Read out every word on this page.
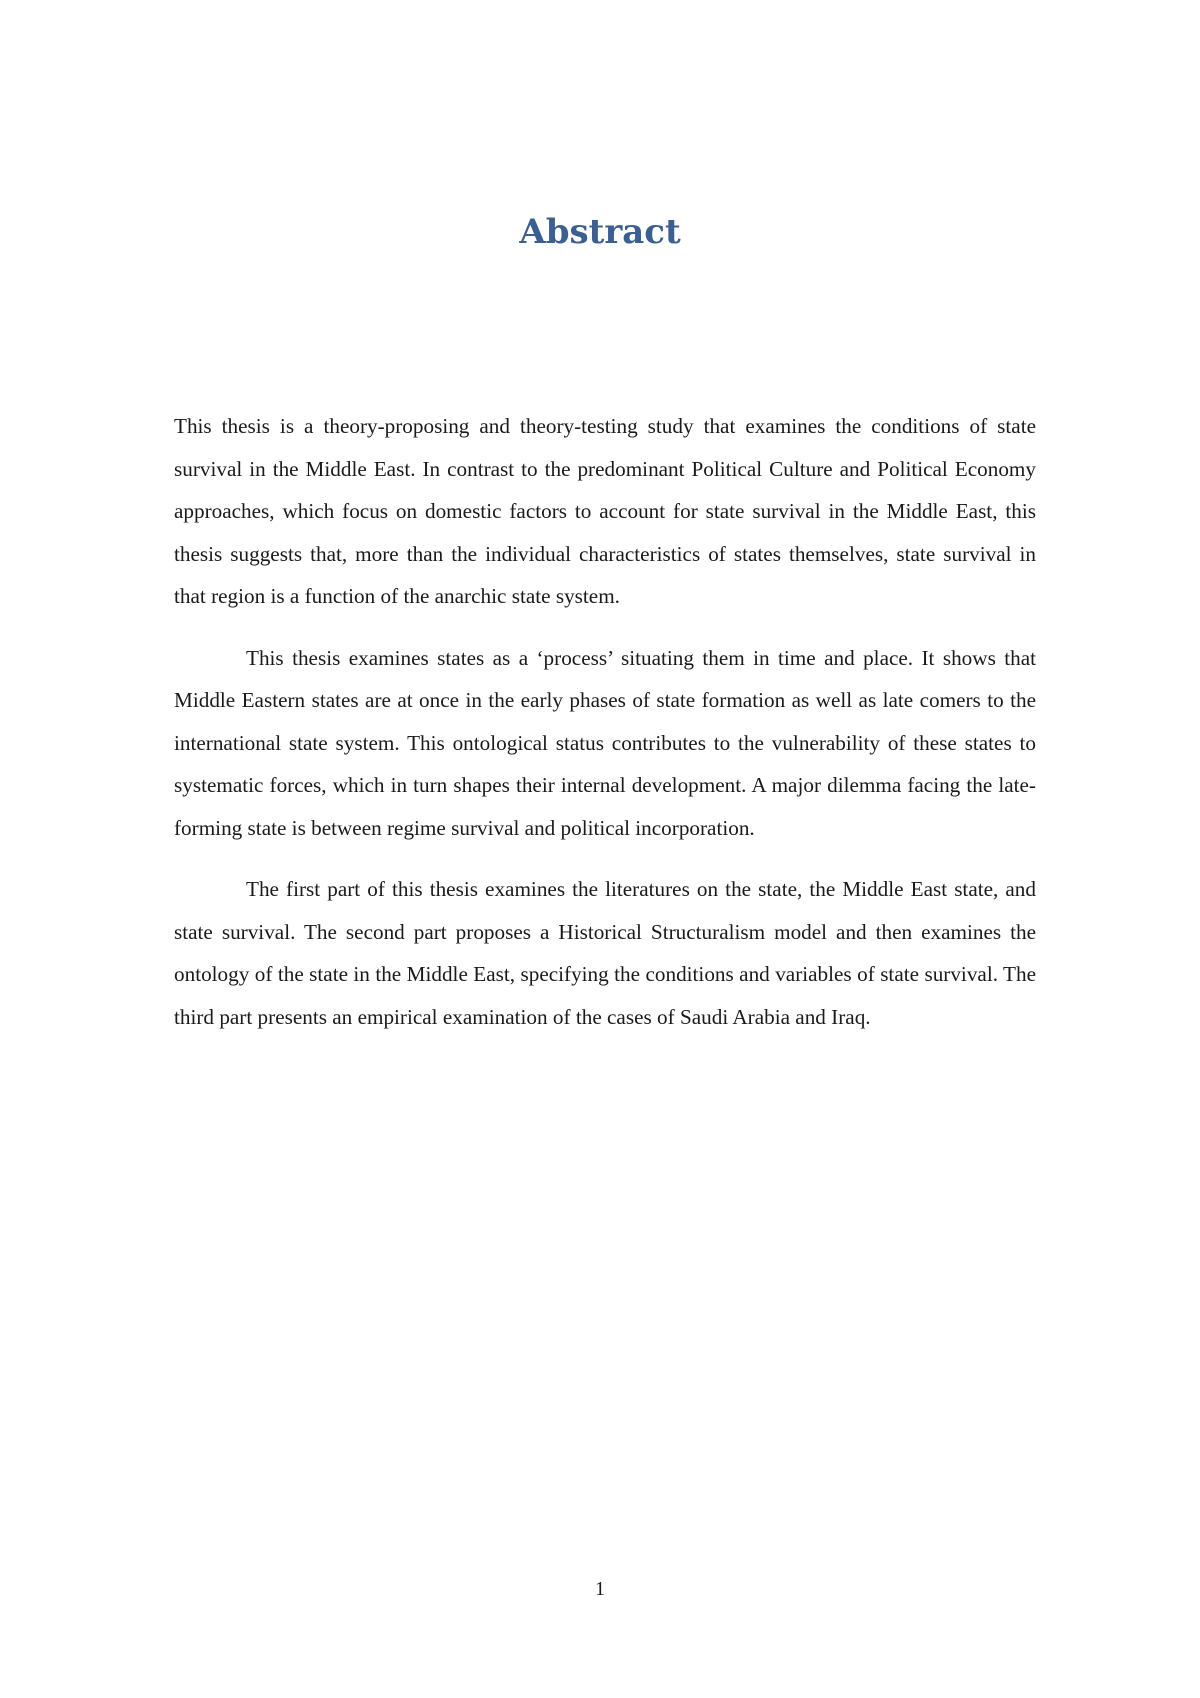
Abstract

This thesis is a theory-proposing and theory-testing study that examines the conditions of state survival in the Middle East. In contrast to the predominant Political Culture and Political Economy approaches, which focus on domestic factors to account for state survival in the Middle East, this thesis suggests that, more than the individual characteristics of states themselves, state survival in that region is a function of the anarchic state system.

This thesis examines states as a ‘process’ situating them in time and place. It shows that Middle Eastern states are at once in the early phases of state formation as well as late comers to the international state system. This ontological status contributes to the vulnerability of these states to systematic forces, which in turn shapes their internal development. A major dilemma facing the late-forming state is between regime survival and political incorporation.

The first part of this thesis examines the literatures on the state, the Middle East state, and state survival. The second part proposes a Historical Structuralism model and then examines the ontology of the state in the Middle East, specifying the conditions and variables of state survival. The third part presents an empirical examination of the cases of Saudi Arabia and Iraq.

1
